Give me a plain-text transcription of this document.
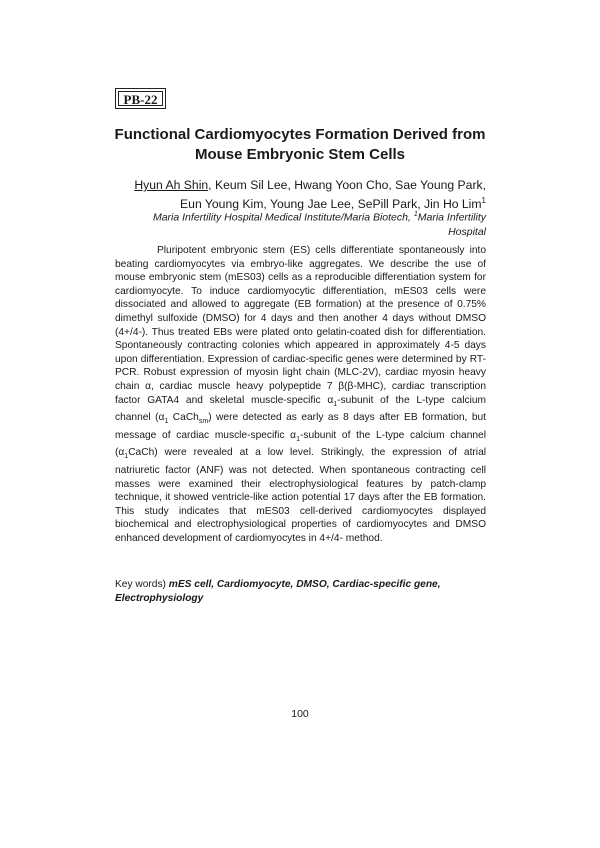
PB-22
Functional Cardiomyocytes Formation Derived from
Mouse Embryonic Stem Cells
Hyun Ah Shin, Keum Sil Lee, Hwang Yoon Cho, Sae Young Park,
Eun Young Kim, Young Jae Lee, SePill Park, Jin Ho Lim$^1$
Maria Infertility Hospital Medical Institute/Maria Biotech, $^1$Maria Infertility
Hospital
Pluripotent embryonic stem (ES) cells differentiate spontaneously into beating cardiomyocytes via embryo-like aggregates. We describe the use of mouse embryonic stem (mES03) cells as a reproducible differentiation system for cardiomyocyte. To induce cardiomyocytic differentiation, mES03 cells were dissociated and allowed to aggregate (EB formation) at the presence of 0.75% dimethyl sulfoxide (DMSO) for 4 days and then another 4 days without DMSO (4+/4-). Thus treated EBs were plated onto gelatin-coated dish for differentiation. Spontaneously contracting colonies which appeared in approximately 4-5 days upon differentiation. Expression of cardiac-specific genes were determined by RT-PCR. Robust expression of myosin light chain (MLC-2V), cardiac myosin heavy chain α, cardiac muscle heavy polypeptide 7 β(β-MHC), cardiac transcription factor GATA4 and skeletal muscle-specific $\alpha_1$-subunit of the L-type calcium channel ($\alpha_1$ CaCh$_{sm}$) were detected as early as 8 days after EB formation, but message of cardiac muscle-specific $\alpha_1$-subunit of the L-type calcium channel $(\alpha_1CaCh)$ were revealed at a low level. Strikingly, the expression of atrial natriuretic factor (ANF) was not detected. When spontaneous contracting cell masses were examined their electrophysiological features by patch-clamp technique, it showed ventricle-like action potential 17 days after the EB formation. This study indicates that mES03 cell-derived cardiomyocytes displayed biochemical and electrophysiological properties of cardiomyocytes and DMSO enhanced development of cardiomyocytes in 4+/4- method.
Key words) mES cell, Cardiomyocyte, DMSO, Cardiac-specific gene, Electrophysiology
100
